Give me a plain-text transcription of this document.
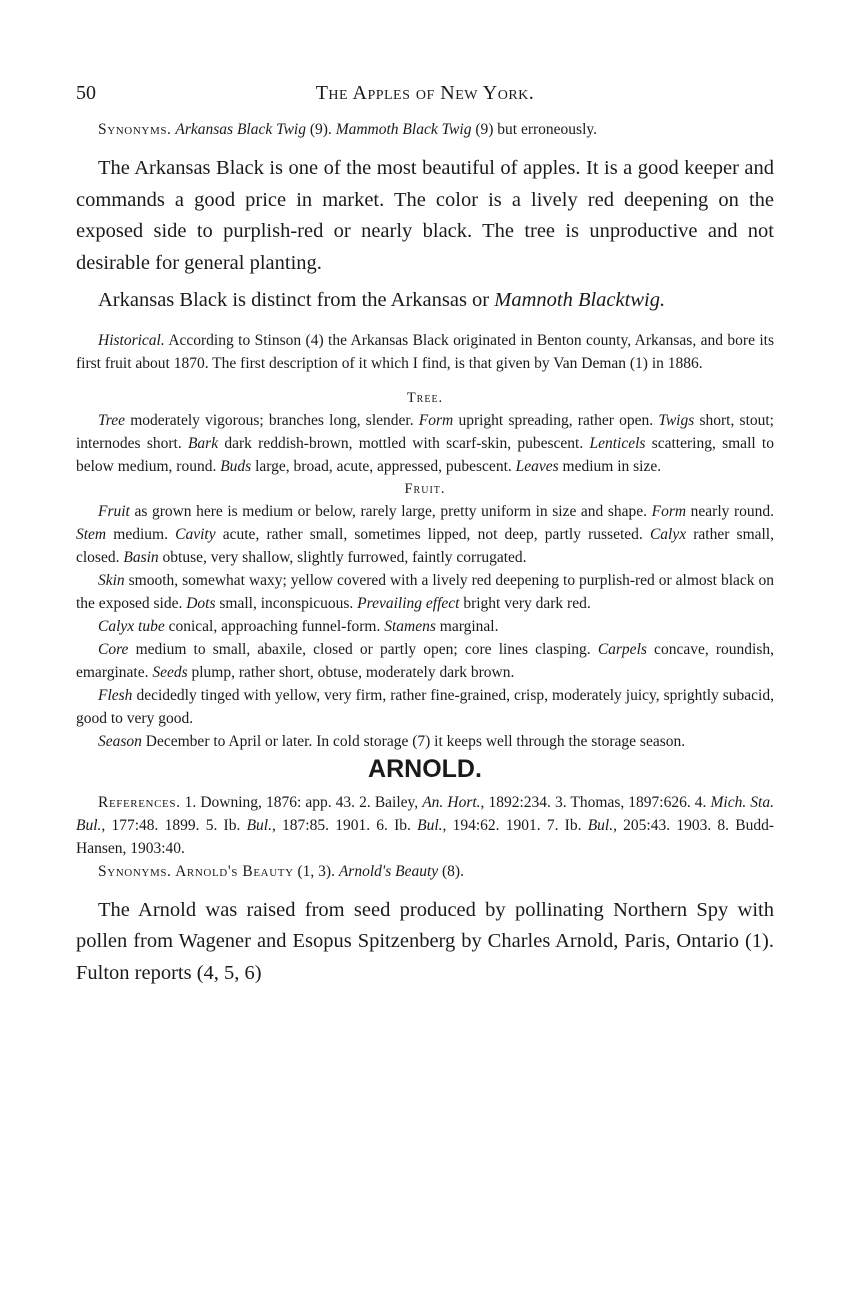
50	The Apples of New York.

Synonyms. Arkansas Black Twig (9). Mammoth Black Twig (9) but erroneously.

The Arkansas Black is one of the most beautiful of apples. It is a good keeper and commands a good price in market. The color is a lively red deepening on the exposed side to purplish-red or nearly black. The tree is unproductive and not desirable for general planting.

Arkansas Black is distinct from the Arkansas or Mamnoth Blacktwig.

Historical. According to Stinson (4) the Arkansas Black originated in Benton county, Arkansas, and bore its first fruit about 1870. The first description of it which I find, is that given by Van Deman (1) in 1886.

Tree.

Tree moderately vigorous; branches long, slender. Form upright spreading, rather open. Twigs short, stout; internodes short. Bark dark reddish-brown, mottled with scarf-skin, pubescent. Lenticels scattering, small to below medium, round. Buds large, broad, acute, appressed, pubescent. Leaves medium in size.

Fruit.

Fruit as grown here is medium or below, rarely large, pretty uniform in size and shape. Form nearly round. Stem medium. Cavity acute, rather small, sometimes lipped, not deep, partly russeted. Calyx rather small, closed. Basin obtuse, very shallow, slightly furrowed, faintly corrugated.

Skin smooth, somewhat waxy; yellow covered with a lively red deepening to purplish-red or almost black on the exposed side. Dots small, inconspicuous. Prevailing effect bright very dark red.

Calyx tube conical, approaching funnel-form. Stamens marginal.

Core medium to small, abaxile, closed or partly open; core lines clasping. Carpels concave, roundish, emarginate. Seeds plump, rather short, obtuse, moderately dark brown.

Flesh decidedly tinged with yellow, very firm, rather fine-grained, crisp, moderately juicy, sprightly subacid, good to very good.

Season December to April or later. In cold storage (7) it keeps well through the storage season.

ARNOLD.

References. 1. Downing, 1876: app. 43. 2. Bailey, An. Hort., 1892:234. 3. Thomas, 1897:626. 4. Mich. Sta. Bul., 177:48. 1899. 5. Ib. Bul., 187:85. 1901. 6. Ib. Bul., 194:62. 1901. 7. Ib. Bul., 205:43. 1903. 8. Budd-Hansen, 1903:40.

Synonyms. Arnold's Beauty (1, 3). Arnold's Beauty (8).

The Arnold was raised from seed produced by pollinating Northern Spy with pollen from Wagener and Esopus Spitzenberg by Charles Arnold, Paris, Ontario (1). Fulton reports (4, 5, 6)
